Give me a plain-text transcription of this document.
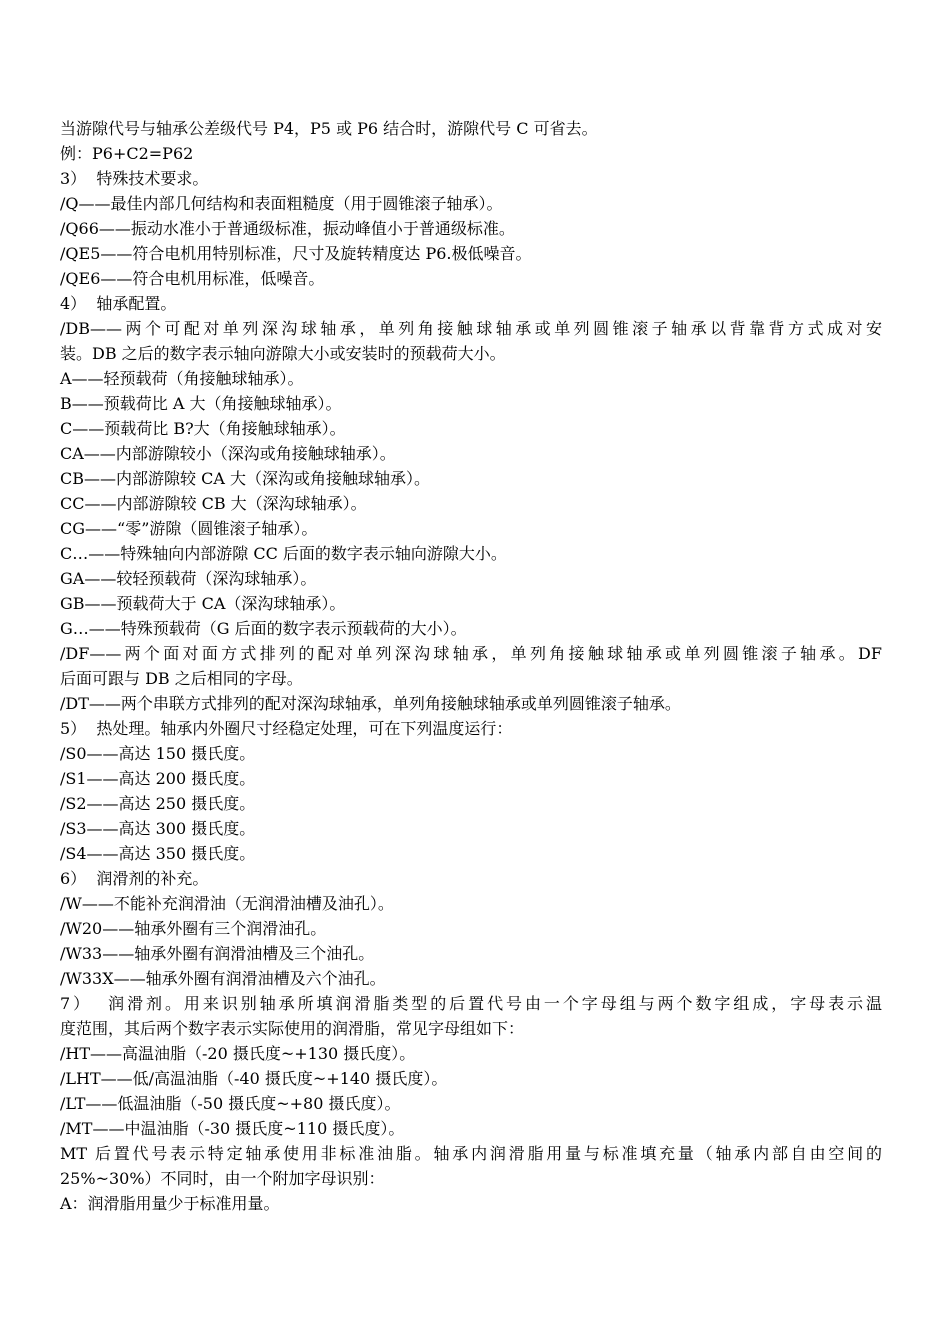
当游隙代号与轴承公差级代号 P4，P5 或 P6 结合时，游隙代号 C 可省去。
例：P6+C2=P62
3）  特殊技术要求。
/Q——最佳内部几何结构和表面粗糙度（用于圆锥滚子轴承）。
/Q66——振动水准小于普通级标准，振动峰值小于普通级标准。
/QE5——符合电机用特别标准，尺寸及旋转精度达 P6.极低噪音。
/QE6——符合电机用标准，低噪音。
4）  轴承配置。
/DB——两个可配对单列深沟球轴承，单列角接触球轴承或单列圆锥滚子轴承以背靠背方式成对安
装。DB 之后的数字表示轴向游隙大小或安装时的预载荷大小。
A——轻预载荷（角接触球轴承）。
B——预载荷比 A 大（角接触球轴承）。
C——预载荷比 B?大（角接触球轴承）。
CA——内部游隙较小（深沟或角接触球轴承）。
CB——内部游隙较 CA 大（深沟或角接触球轴承）。
CC——内部游隙较 CB 大（深沟球轴承）。
CG——“零”游隙（圆锥滚子轴承）。
C…——特殊轴向内部游隙 CC 后面的数字表示轴向游隙大小。
GA——较轻预载荷（深沟球轴承）。
GB——预载荷大于 CA（深沟球轴承）。
G…——特殊预载荷（G 后面的数字表示预载荷的大小）。
/DF——两个面对面方式排列的配对单列深沟球轴承，单列角接触球轴承或单列圆锥滚子轴承。DF
后面可跟与 DB 之后相同的字母。
/DT——两个串联方式排列的配对深沟球轴承，单列角接触球轴承或单列圆锥滚子轴承。
5）  热处理。轴承内外圈尺寸经稳定处理，可在下列温度运行：
/S0——高达 150 摄氏度。
/S1——高达 200 摄氏度。
/S2——高达 250 摄氏度。
/S3——高达 300 摄氏度。
/S4——高达 350 摄氏度。
6）  润滑剂的补充。
/W——不能补充润滑油（无润滑油槽及油孔）。
/W20——轴承外圈有三个润滑油孔。
/W33——轴承外圈有润滑油槽及三个油孔。
/W33X——轴承外圈有润滑油槽及六个油孔。
7）  润滑剂。用来识别轴承所填润滑脂类型的后置代号由一个字母组与两个数字组成，字母表示温
度范围，其后两个数字表示实际使用的润滑脂，常见字母组如下：
/HT——高温油脂（-20 摄氏度~+130 摄氏度）。
/LHT——低/高温油脂（-40 摄氏度~+140 摄氏度）。
/LT——低温油脂（-50 摄氏度~+80 摄氏度）。
/MT——中温油脂（-30 摄氏度~110 摄氏度）。
MT 后置代号表示特定轴承使用非标准油脂。轴承内润滑脂用量与标准填充量（轴承内部自由空间的
25%~30%）不同时，由一个附加字母识别：
A：润滑脂用量少于标准用量。
